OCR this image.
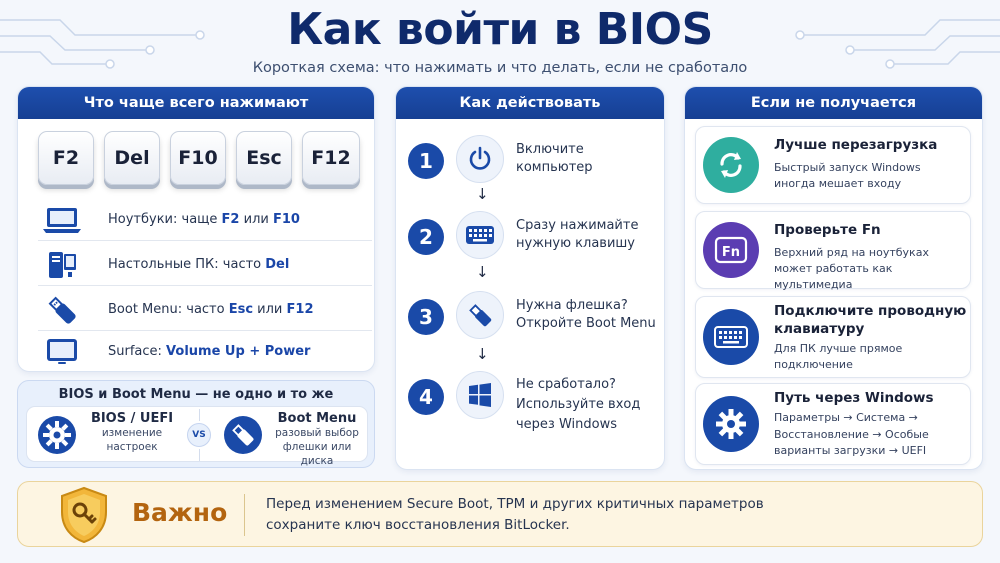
Как войти в BIOS
Короткая схема: что нажимать и что делать, если не сработало
Что чаще всего нажимают
F2	Del	F10	Esc	F12
Ноутбуки: чаще F2 или F10
Настольные ПК: часто Del
Boot Menu: часто Esc или F12
Surface: Volume Up + Power
BIOS и Boot Menu — не одно и то же
BIOS / UEFI
изменение
настроек
VS
Boot Menu
разовый выбор
флешки или диска
Как действовать
1	Включите
компьютер
↓
2	Сразу нажимайте
нужную клавишу
↓
3	Нужна флешка?
Откройте Boot Menu
↓
4
Не сработало?
Используйте вход
через Windows
Если не получается
Лучше перезагрузка
Быстрый запуск Windows
иногда мешает входу
Fn
Проверьте Fn
Верхний ряд на ноутбуках
может работать как мультимедиа
Подключите проводную
клавиатуру
Для ПК лучше прямое
подключение
Путь через Windows
Параметры → Система →
Восстановление → Особые
варианты загрузки → UEFI
Важно	Перед изменением Secure Boot, TPM и других критичных параметров
сохраните ключ восстановления BitLocker.
